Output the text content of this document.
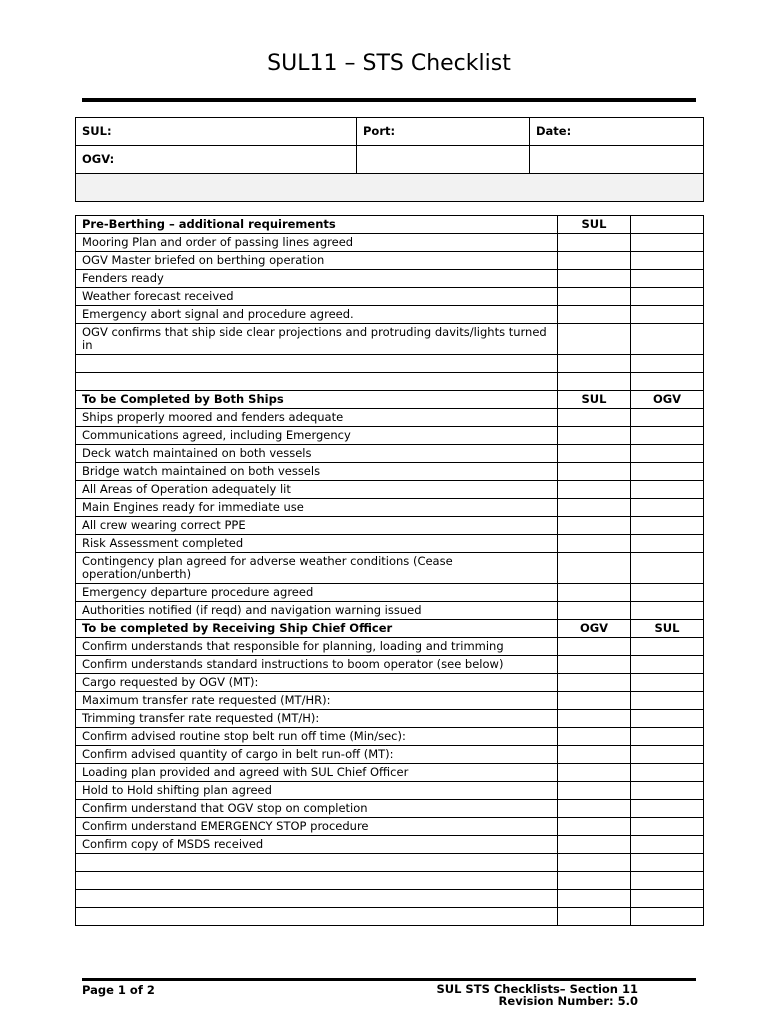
SUL11 – STS Checklist
SUL:	Port:	Date:
OGV:		

Pre-Berthing – additional requirements	SUL	
Mooring Plan and order of passing lines agreed		
OGV Master briefed on berthing operation		
Fenders ready		
Weather forecast received		
Emergency abort signal and procedure agreed.		
OGV confirms that ship side clear projections and protruding davits/lights turned in		

To be Completed by Both Ships	SUL	OGV
Ships properly moored and fenders adequate		
Communications agreed, including Emergency		
Deck watch maintained on both vessels		
Bridge watch maintained on both vessels		
All Areas of Operation adequately lit		
Main Engines ready for immediate use		
All crew wearing correct PPE		
Risk Assessment completed		
Contingency plan agreed for adverse weather conditions (Cease operation/unberth)		
Emergency departure procedure agreed		
Authorities notified (if reqd) and navigation warning issued		
To be completed by Receiving Ship Chief Officer	OGV	SUL
Confirm understands that responsible for planning, loading and trimming		
Confirm understands standard instructions to boom operator (see below)		
Cargo requested by OGV (MT):		
Maximum transfer rate requested (MT/HR):		
Trimming transfer rate requested (MT/H):		
Confirm advised routine stop belt run off time (Min/sec):		
Confirm advised quantity of cargo in belt run-off (MT):		
Loading plan provided and agreed with SUL Chief Officer		
Hold to Hold shifting plan agreed		
Confirm understand that OGV stop on completion		
Confirm understand EMERGENCY STOP procedure		
Confirm copy of MSDS received		

Page 1 of 2	SUL STS Checklists– Section 11
Revision Number: 5.0
